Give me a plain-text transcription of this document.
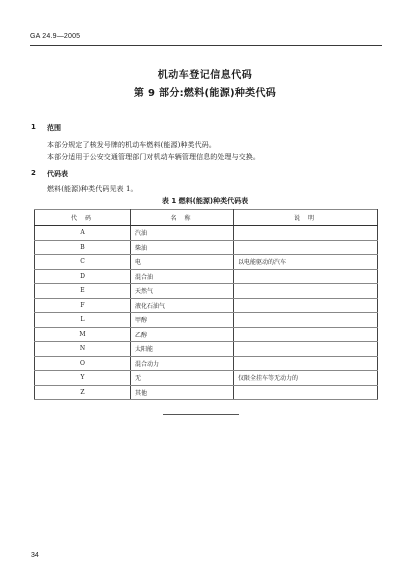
GA 24.9—2005
机动车登记信息代码
第 9 部分:燃料(能源)种类代码
1 范围
本部分规定了核发号牌的机动车燃料(能源)种类代码。
本部分适用于公安交通管理部门对机动车辆管理信息的处理与交换。
2 代码表
燃料(能源)种类代码见表 1。
表 1 燃料(能源)种类代码表
代 码	名 称	说 明
A	汽油	
B	柴油	
C	电	以电能驱动的汽车
D	混合油	
E	天然气	
F	液化石油气	
L	甲醇	
M	乙醇	
N	太阳能	
O	混合动力	
Y	无	仅限全挂车等无动力的
Z	其他	
34
